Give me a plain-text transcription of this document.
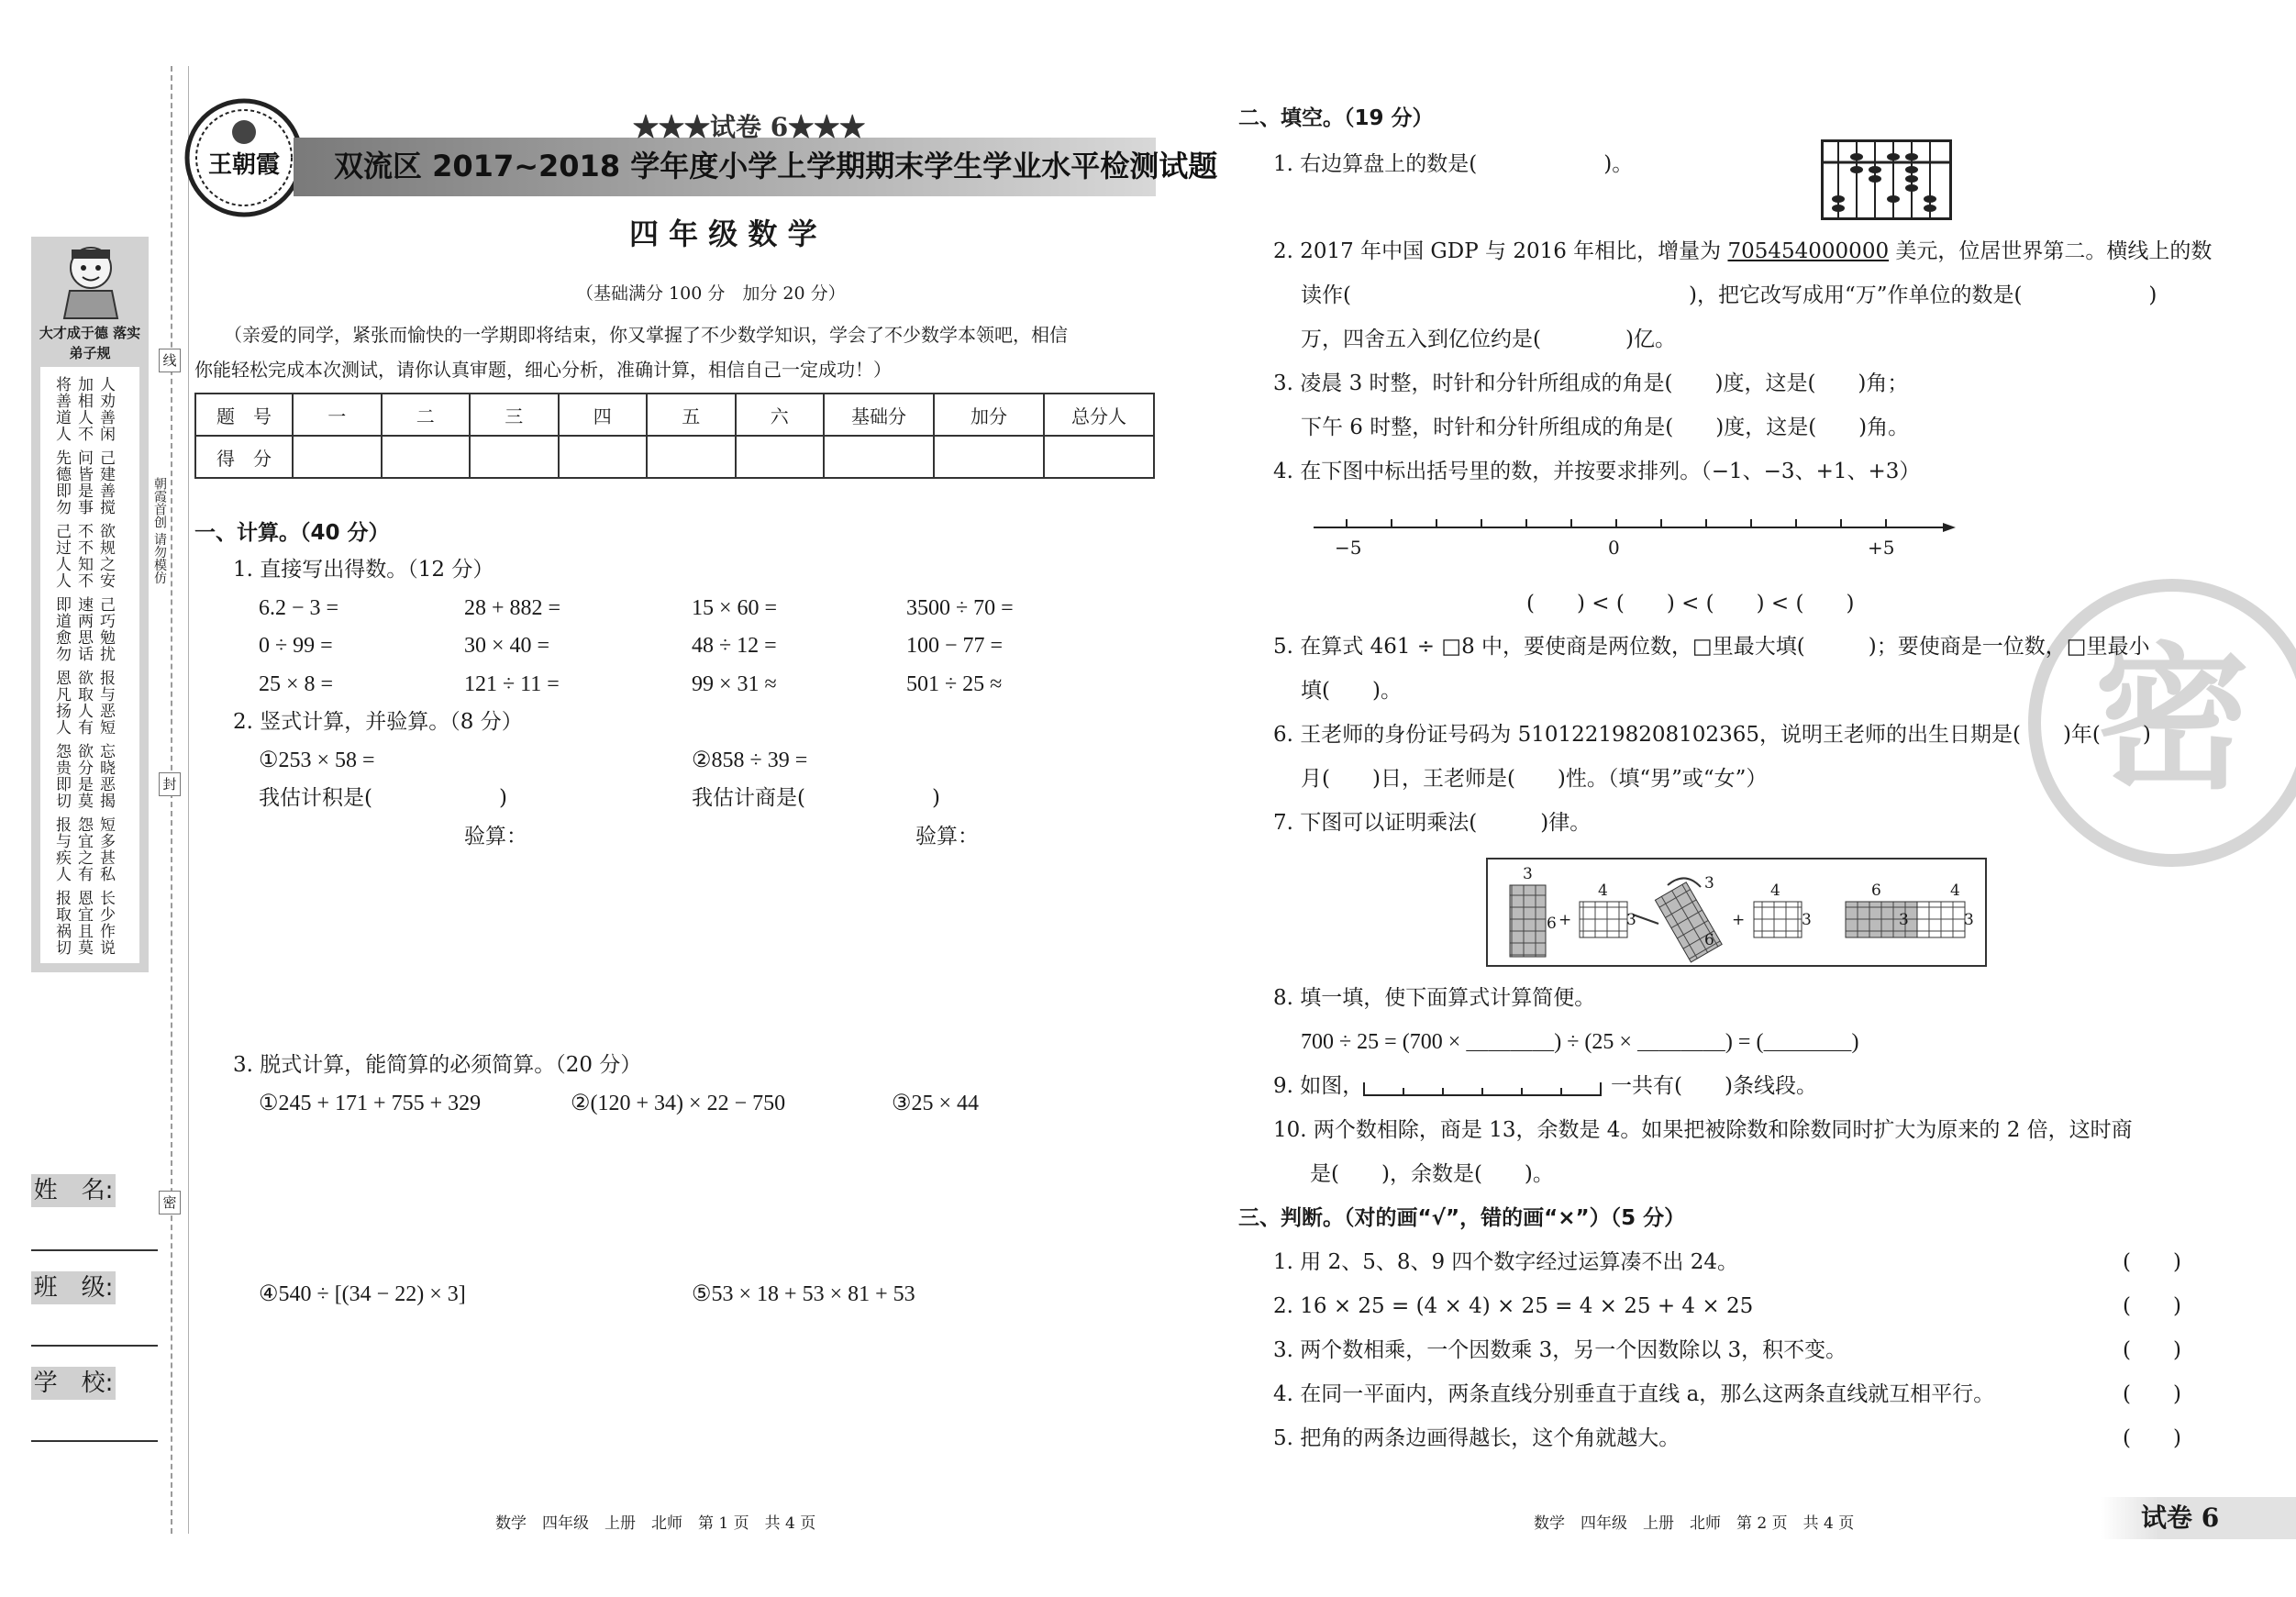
大才成于德 落实弟子规
将善道人 加相人不 人劝善闲
先德即勿 问皆是事 己建善搅
己过人人 不不知不 欲规之安
即道愈勿 速两思话 己巧勉扰
恩凡扬人 欲取人有 报与恶短
怨贵即切 欲分是莫 忘晓恶揭
报与疾人 怨宜之有 短多甚私
报取祸切 恩宜且莫 长少作说
线
封
密
朝霞首创 请勿模仿
姓　名:
班　级:
学　校:
王朝霞
★★★试卷 6★★★
双流区 2017~2018 学年度小学上学期期末学生学业水平检测试题
四 年 级 数 学
（基础满分 100 分　加分 20 分）
（亲爱的同学，紧张而愉快的一学期即将结束，你又掌握了不少数学知识，学会了不少数学本领吧，相信
你能轻松完成本次测试，请你认真审题，细心分析，准确计算，相信自己一定成功！）
题　号	一	二	三	四	五	六	基础分	加分	总分人
得　分									
一、计算。（40 分）
1. 直接写出得数。（12 分）
6.2 − 3 =	28 + 882 =	15 × 60 =	3500 ÷ 70 =
0 ÷ 99 =	30 × 40 =	48 ÷ 12 =	100 − 77 =
25 × 8 =	121 ÷ 11 =	99 × 31 ≈	501 ÷ 25 ≈
2. 竖式计算，并验算。（8 分）
①253 × 58 =	②858 ÷ 39 =
我估计积是(　　　　　　)	我估计商是(　　　　　　)
验算：	验算：
3. 脱式计算，能简算的必须简算。（20 分）
①245 + 171 + 755 + 329	②(120 + 34) × 22 − 750	③25 × 44
④540 ÷ [(34 − 22) × 3]	⑤53 × 18 + 53 × 81 + 53
数学　四年级　上册　北师　第 1 页　共 4 页
密
二、填空。（19 分）
1. 右边算盘上的数是(　　　　　　)。
2. 2017 年中国 GDP 与 2016 年相比，增量为 705454000000 美元，位居世界第二。横线上的数
读作(　　　　　　　　　　　　　　　　)，把它改写成用“万”作单位的数是(　　　　　　)
万，四舍五入到亿位约是(　　　　)亿。
3. 凌晨 3 时整，时针和分针所组成的角是(　　)度，这是(　　)角；
下午 6 时整，时针和分针所组成的角是(　　)度，这是(　　)角。
4. 在下图中标出括号里的数，并按要求排列。（−1、−3、+1、+3）
−5	0	+5
(　　) < (　　) < (　　) < (　　)
5. 在算式 461 ÷ □8 中，要使商是两位数，□里最大填(　　　)；要使商是一位数，□里最小
填(　　)。
6. 王老师的身份证号码为 510122198208102365，说明王老师的出生日期是(　　)年(　　)
月(　　)日，王老师是(　　)性。（填“男”或“女”）
7. 下图可以证明乘法(　　　)律。
3
6 +
4
3
3
6
+
4
3
6	4
3	3
8. 填一填，使下面算式计算简便。
700 ÷ 25 = (700 × ＿＿＿＿) ÷ (25 × ＿＿＿＿) = (＿＿＿＿)
9. 如图，	一共有(　　)条线段。
10. 两个数相除，商是 13，余数是 4。如果把被除数和除数同时扩大为原来的 2 倍，这时商
是(　　)，余数是(　　)。
三、判断。（对的画“√”，错的画“×”）（5 分）
1. 用 2、5、8、9 四个数字经过运算凑不出 24。
2. 16 × 25 = (4 × 4) × 25 = 4 × 25 + 4 × 25
3. 两个数相乘，一个因数乘 3，另一个因数除以 3，积不变。
4. 在同一平面内，两条直线分别垂直于直线 a，那么这两条直线就互相平行。
5. 把角的两条边画得越长，这个角就越大。
(　　)
(　　)
(　　)
(　　)
(　　)
数学　四年级　上册　北师　第 2 页　共 4 页	试卷 6
